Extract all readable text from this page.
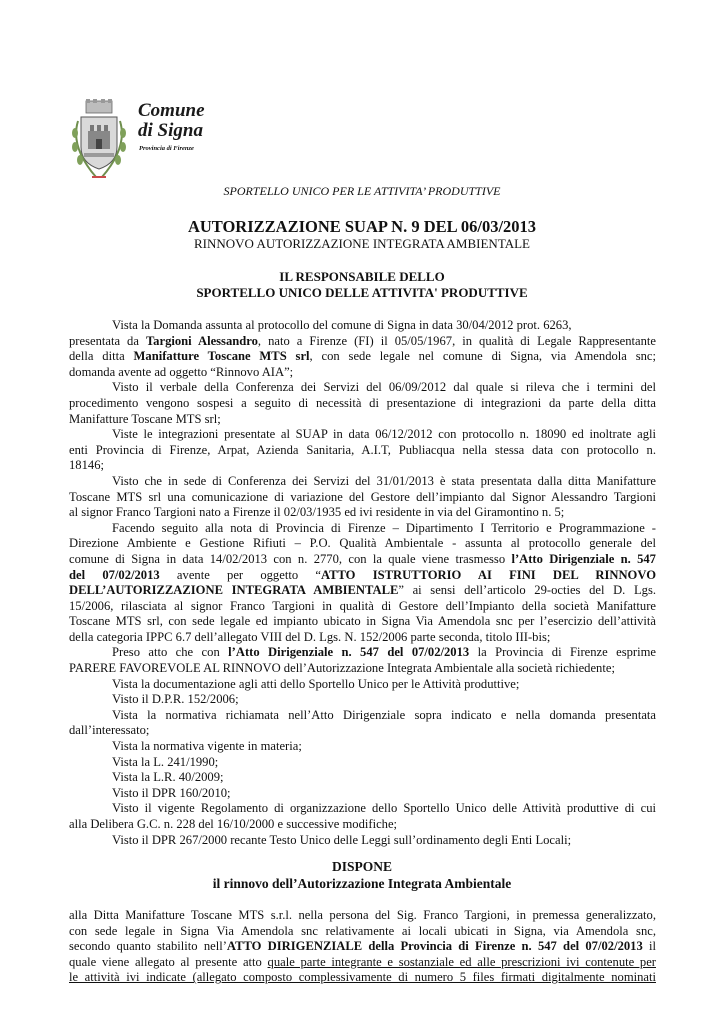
Comune
di Signa
Provincia di Firenze
SPORTELLO UNICO PER LE ATTIVITA’ PRODUTTIVE
AUTORIZZAZIONE SUAP N. 9 DEL 06/03/2013
RINNOVO AUTORIZZAZIONE INTEGRATA AMBIENTALE
IL RESPONSABILE DELLO
SPORTELLO UNICO DELLE ATTIVITA' PRODUTTIVE
Vista la Domanda assunta al protocollo del comune di Signa in data 30/04/2012 prot. 6263,
presentata da Targioni Alessandro, nato a Firenze (FI) il 05/05/1967, in qualità di Legale Rappresentante
della ditta Manifatture Toscane MTS srl, con sede legale nel comune di Signa, via Amendola snc;
domanda avente ad oggetto “Rinnovo AIA”;
Visto il verbale della Conferenza dei Servizi del 06/09/2012 dal quale si rileva che i termini del
procedimento vengono sospesi a seguito di necessità di presentazione di integrazioni da parte della ditta
Manifatture Toscane MTS srl;
Viste le integrazioni presentate al SUAP in data 06/12/2012 con protocollo n. 18090 ed inoltrate agli
enti Provincia di Firenze, Arpat, Azienda Sanitaria, A.I.T, Publiacqua nella stessa data con protocollo n.
18146;
Visto che in sede di Conferenza dei Servizi del 31/01/2013 è stata presentata dalla ditta Manifatture
Toscane MTS srl una comunicazione di variazione del Gestore dell’impianto dal Signor Alessandro Targioni
al signor Franco Targioni nato a Firenze il 02/03/1935 ed ivi residente in via del Giramontino n. 5;
Facendo seguito alla nota di Provincia di Firenze – Dipartimento I Territorio e Programmazione -
Direzione Ambiente e Gestione Rifiuti – P.O. Qualità Ambientale - assunta al protocollo generale del
comune di Signa in data 14/02/2013 con n. 2770, con la quale viene trasmesso l’Atto Dirigenziale n. 547
del 07/02/2013 avente per oggetto “ATTO ISTRUTTORIO AI FINI DEL RINNOVO
DELL’AUTORIZZAZIONE INTEGRATA AMBIENTALE” ai sensi dell’articolo 29-octies del D. Lgs.
15/2006, rilasciata al signor Franco Targioni in qualità di Gestore dell’Impianto della società Manifatture
Toscane MTS srl, con sede legale ed impianto ubicato in Signa Via Amendola snc per l’esercizio dell’attività
della categoria IPPC 6.7 dell’allegato VIII del D. Lgs. N. 152/2006 parte seconda, titolo III-bis;
Preso atto che con l’Atto Dirigenziale n. 547 del 07/02/2013 la Provincia di Firenze esprime
PARERE FAVOREVOLE AL RINNOVO dell’Autorizzazione Integrata Ambientale alla società richiedente;
Vista la documentazione agli atti dello Sportello Unico per le Attività produttive;
Visto il D.P.R. 152/2006;
Vista la normativa richiamata nell’Atto Dirigenziale sopra indicato e nella domanda presentata
dall’interessato;
Vista la normativa vigente in materia;
Vista la L. 241/1990;
Vista la L.R. 40/2009;
Visto il DPR 160/2010;
Visto il vigente Regolamento di organizzazione dello Sportello Unico delle Attività produttive di cui
alla Delibera G.C. n. 228 del 16/10/2000 e successive modifiche;
Visto il DPR 267/2000 recante Testo Unico delle Leggi sull’ordinamento degli Enti Locali;
DISPONE
il rinnovo dell’Autorizzazione Integrata Ambientale
alla Ditta Manifatture Toscane MTS s.r.l. nella persona del Sig. Franco Targioni, in premessa generalizzato,
con sede legale in Signa Via Amendola snc relativamente ai locali ubicati in Signa, via Amendola snc,
secondo quanto stabilito nell’ATTO DIRIGENZIALE della Provincia di Firenze n. 547 del 07/02/2013 il
quale viene allegato al presente atto quale parte integrante e sostanziale ed alle prescrizioni ivi contenute per
le attività ivi indicate (allegato composto complessivamente di numero 5 files firmati digitalmente nominati
